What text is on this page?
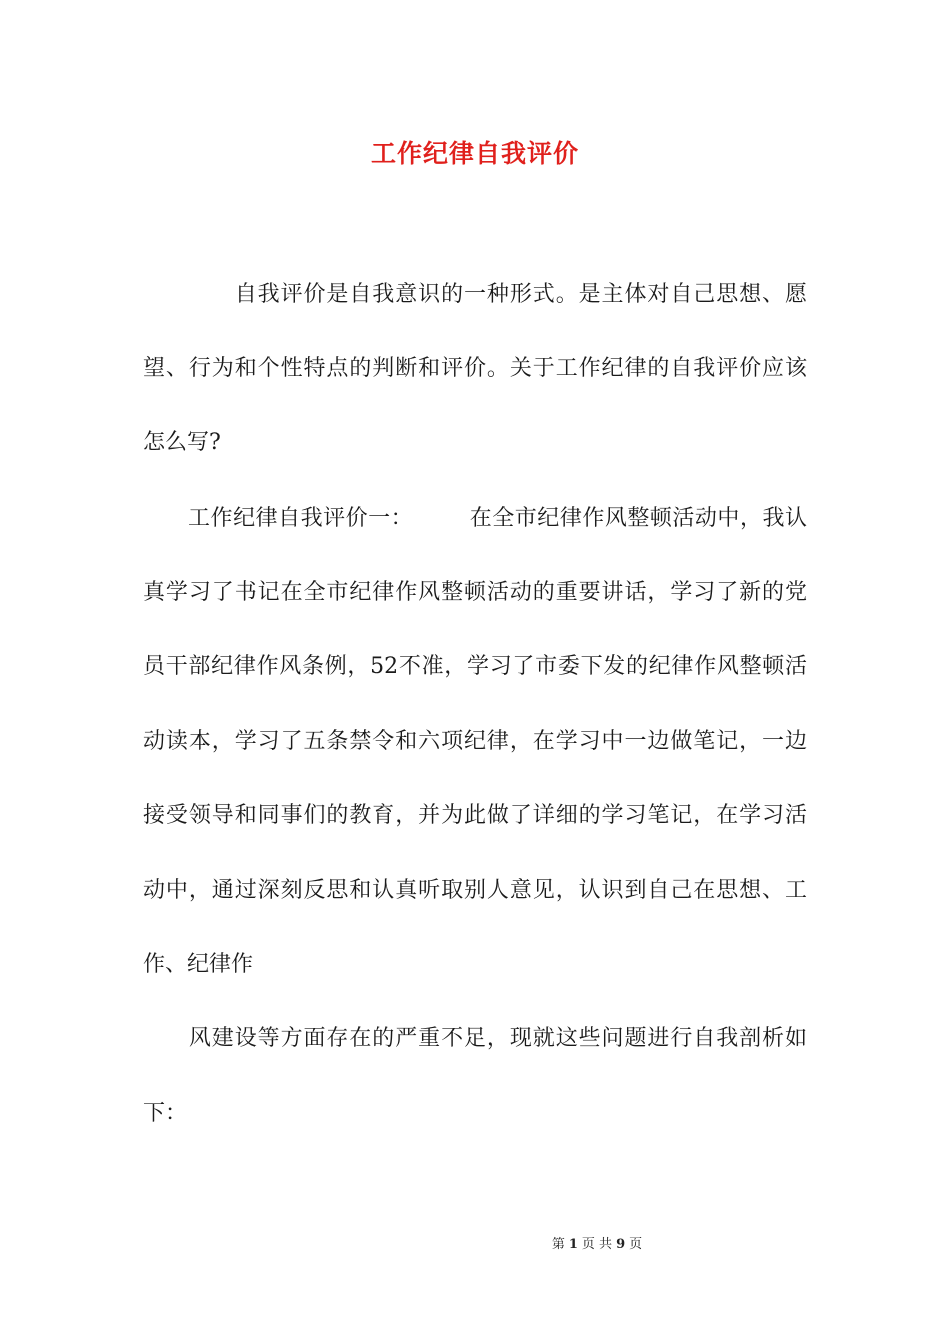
工作纪律自我评价
　　　　自我评价是自我意识的一种形式。是主体对自己思想、愿
望、行为和个性特点的判断和评价。关于工作纪律的自我评价应该
怎么写?
　　工作纪律自我评价一：　　　在全市纪律作风整顿活动中，我认
真学习了书记在全市纪律作风整顿活动的重要讲话，学习了新的党
员干部纪律作风条例，52不准，学习了市委下发的纪律作风整顿活
动读本，学习了五条禁令和六项纪律，在学习中一边做笔记，一边
接受领导和同事们的教育，并为此做了详细的学习笔记，在学习活
动中，通过深刻反思和认真听取别人意见，认识到自己在思想、工
作、纪律作
　　风建设等方面存在的严重不足，现就这些问题进行自我剖析如
下：
第 1 页 共 9 页
